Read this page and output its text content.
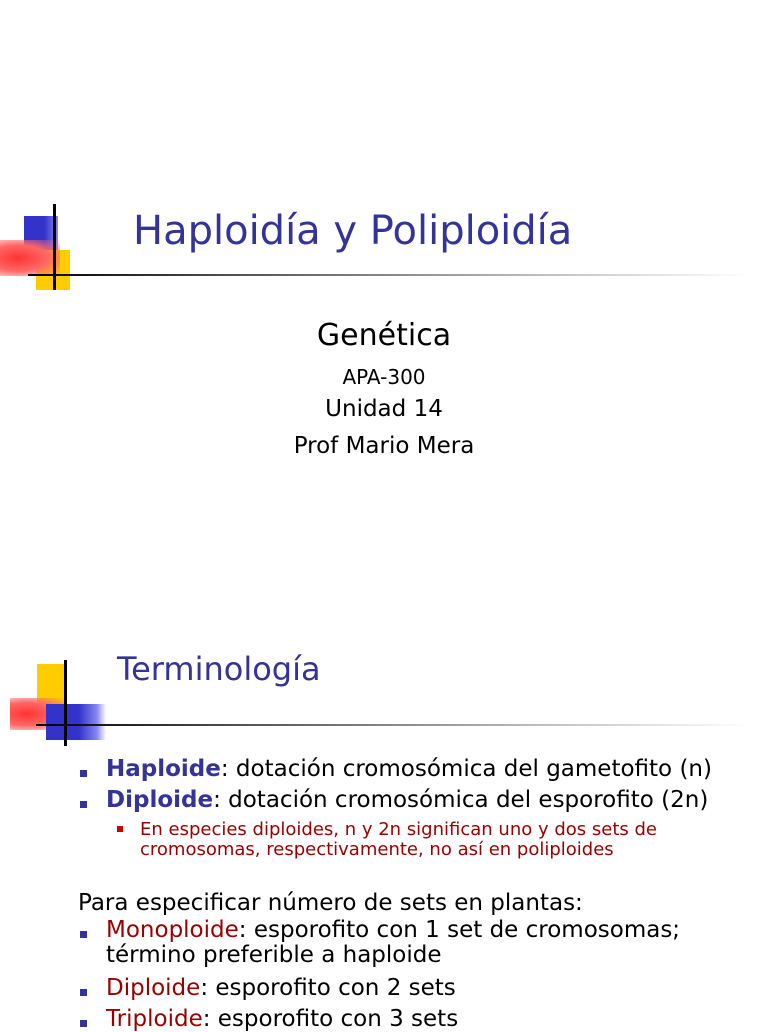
Haploidía y Poliploidía
Genética
APA-300
Unidad 14
Prof Mario Mera
Terminología
Haploide: dotación cromosómica del gametofito (n)
Diploide: dotación cromosómica del esporofito (2n)
En especies diploides, n y 2n significan uno y dos sets de
cromosomas, respectivamente, no así en poliploides
Para especificar número de sets en plantas:
Monoploide: esporofito con 1 set de cromosomas;
término preferible a haploide
Diploide: esporofito con 2 sets
Triploide: esporofito con 3 sets
